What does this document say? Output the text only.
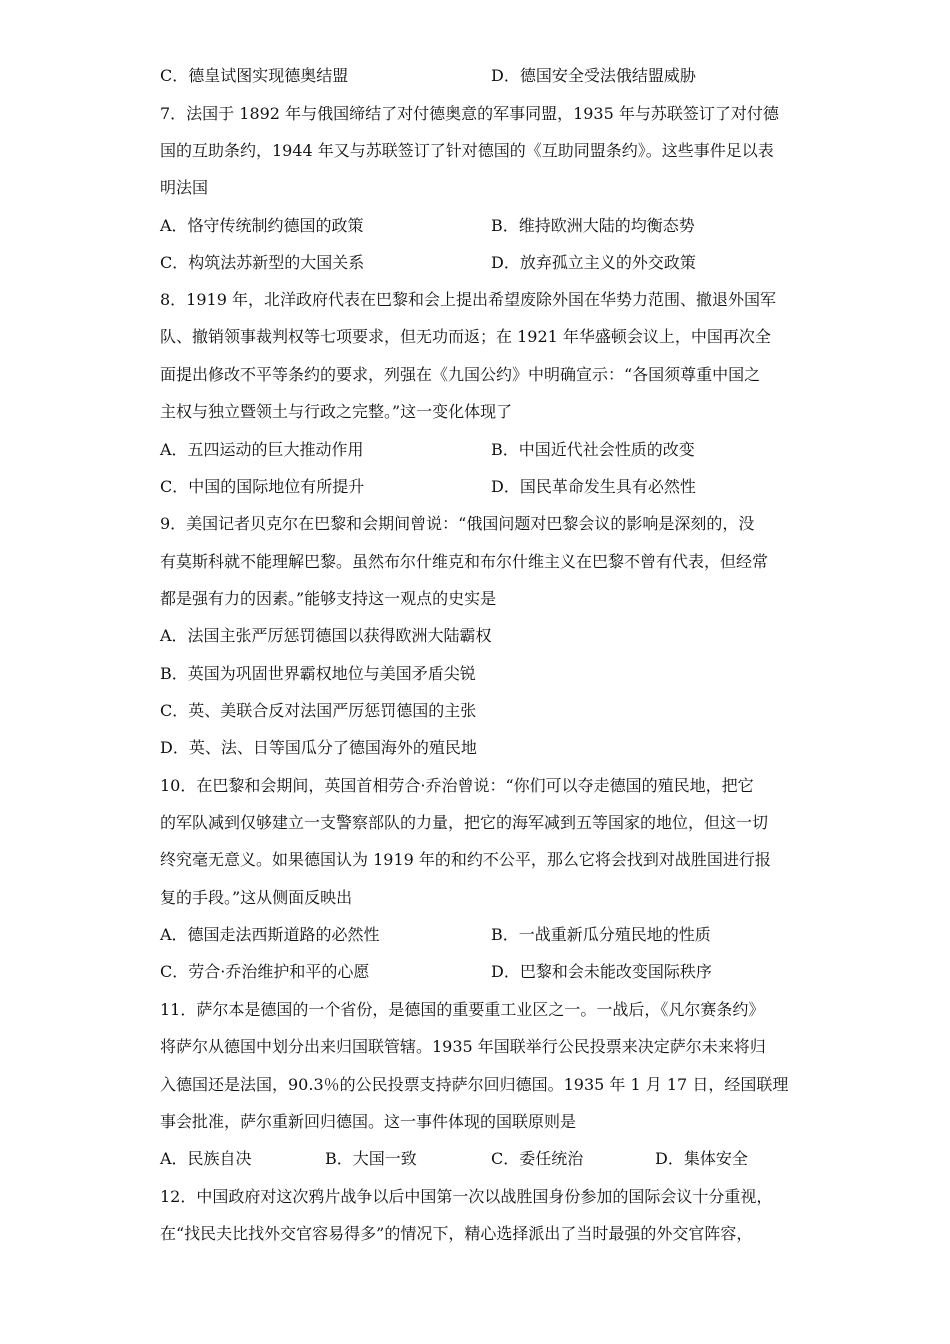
C．德皇试图实现德奥结盟	D．德国安全受法俄结盟威胁
7．法国于 1892 年与俄国缔结了对付德奥意的军事同盟，1935 年与苏联签订了对付德
国的互助条约，1944 年又与苏联签订了针对德国的《互助同盟条约》。这些事件足以表
明法国
A．恪守传统制约德国的政策	B．维持欧洲大陆的均衡态势
C．构筑法苏新型的大国关系	D．放弃孤立主义的外交政策
8．1919 年，北洋政府代表在巴黎和会上提出希望废除外国在华势力范围、撤退外国军
队、撤销领事裁判权等七项要求，但无功而返；在 1921 年华盛顿会议上，中国再次全
面提出修改不平等条约的要求，列强在《九国公约》中明确宣示：“各国须尊重中国之
主权与独立暨领土与行政之完整。”这一变化体现了
A．五四运动的巨大推动作用	B．中国近代社会性质的改变
C．中国的国际地位有所提升	D．国民革命发生具有必然性
9．美国记者贝克尔在巴黎和会期间曾说：“俄国问题对巴黎会议的影响是深刻的，没
有莫斯科就不能理解巴黎。虽然布尔什维克和布尔什维主义在巴黎不曾有代表，但经常
都是强有力的因素。”能够支持这一观点的史实是
A．法国主张严厉惩罚德国以获得欧洲大陆霸权
B．英国为巩固世界霸权地位与美国矛盾尖锐
C．英、美联合反对法国严厉惩罚德国的主张
D．英、法、日等国瓜分了德国海外的殖民地
10．在巴黎和会期间，英国首相劳合·乔治曾说：“你们可以夺走德国的殖民地，把它
的军队减到仅够建立一支警察部队的力量，把它的海军减到五等国家的地位，但这一切
终究毫无意义。如果德国认为 1919 年的和约不公平，那么它将会找到对战胜国进行报
复的手段。”这从侧面反映出
A．德国走法西斯道路的必然性	B．一战重新瓜分殖民地的性质
C．劳合·乔治维护和平的心愿	D．巴黎和会未能改变国际秩序
11．萨尔本是德国的一个省份，是德国的重要重工业区之一。一战后，《凡尔赛条约》
将萨尔从德国中划分出来归国联管辖。1935 年国联举行公民投票来决定萨尔未来将归
入德国还是法国，90.3％的公民投票支持萨尔回归德国。1935 年 1 月 17 日，经国联理
事会批准，萨尔重新回归德国。这一事件体现的国联原则是
A．民族自决	B．大国一致	C．委任统治	D．集体安全
12．中国政府对这次鸦片战争以后中国第一次以战胜国身份参加的国际会议十分重视，
在“找民夫比找外交官容易得多”的情况下，精心选择派出了当时最强的外交官阵容，
